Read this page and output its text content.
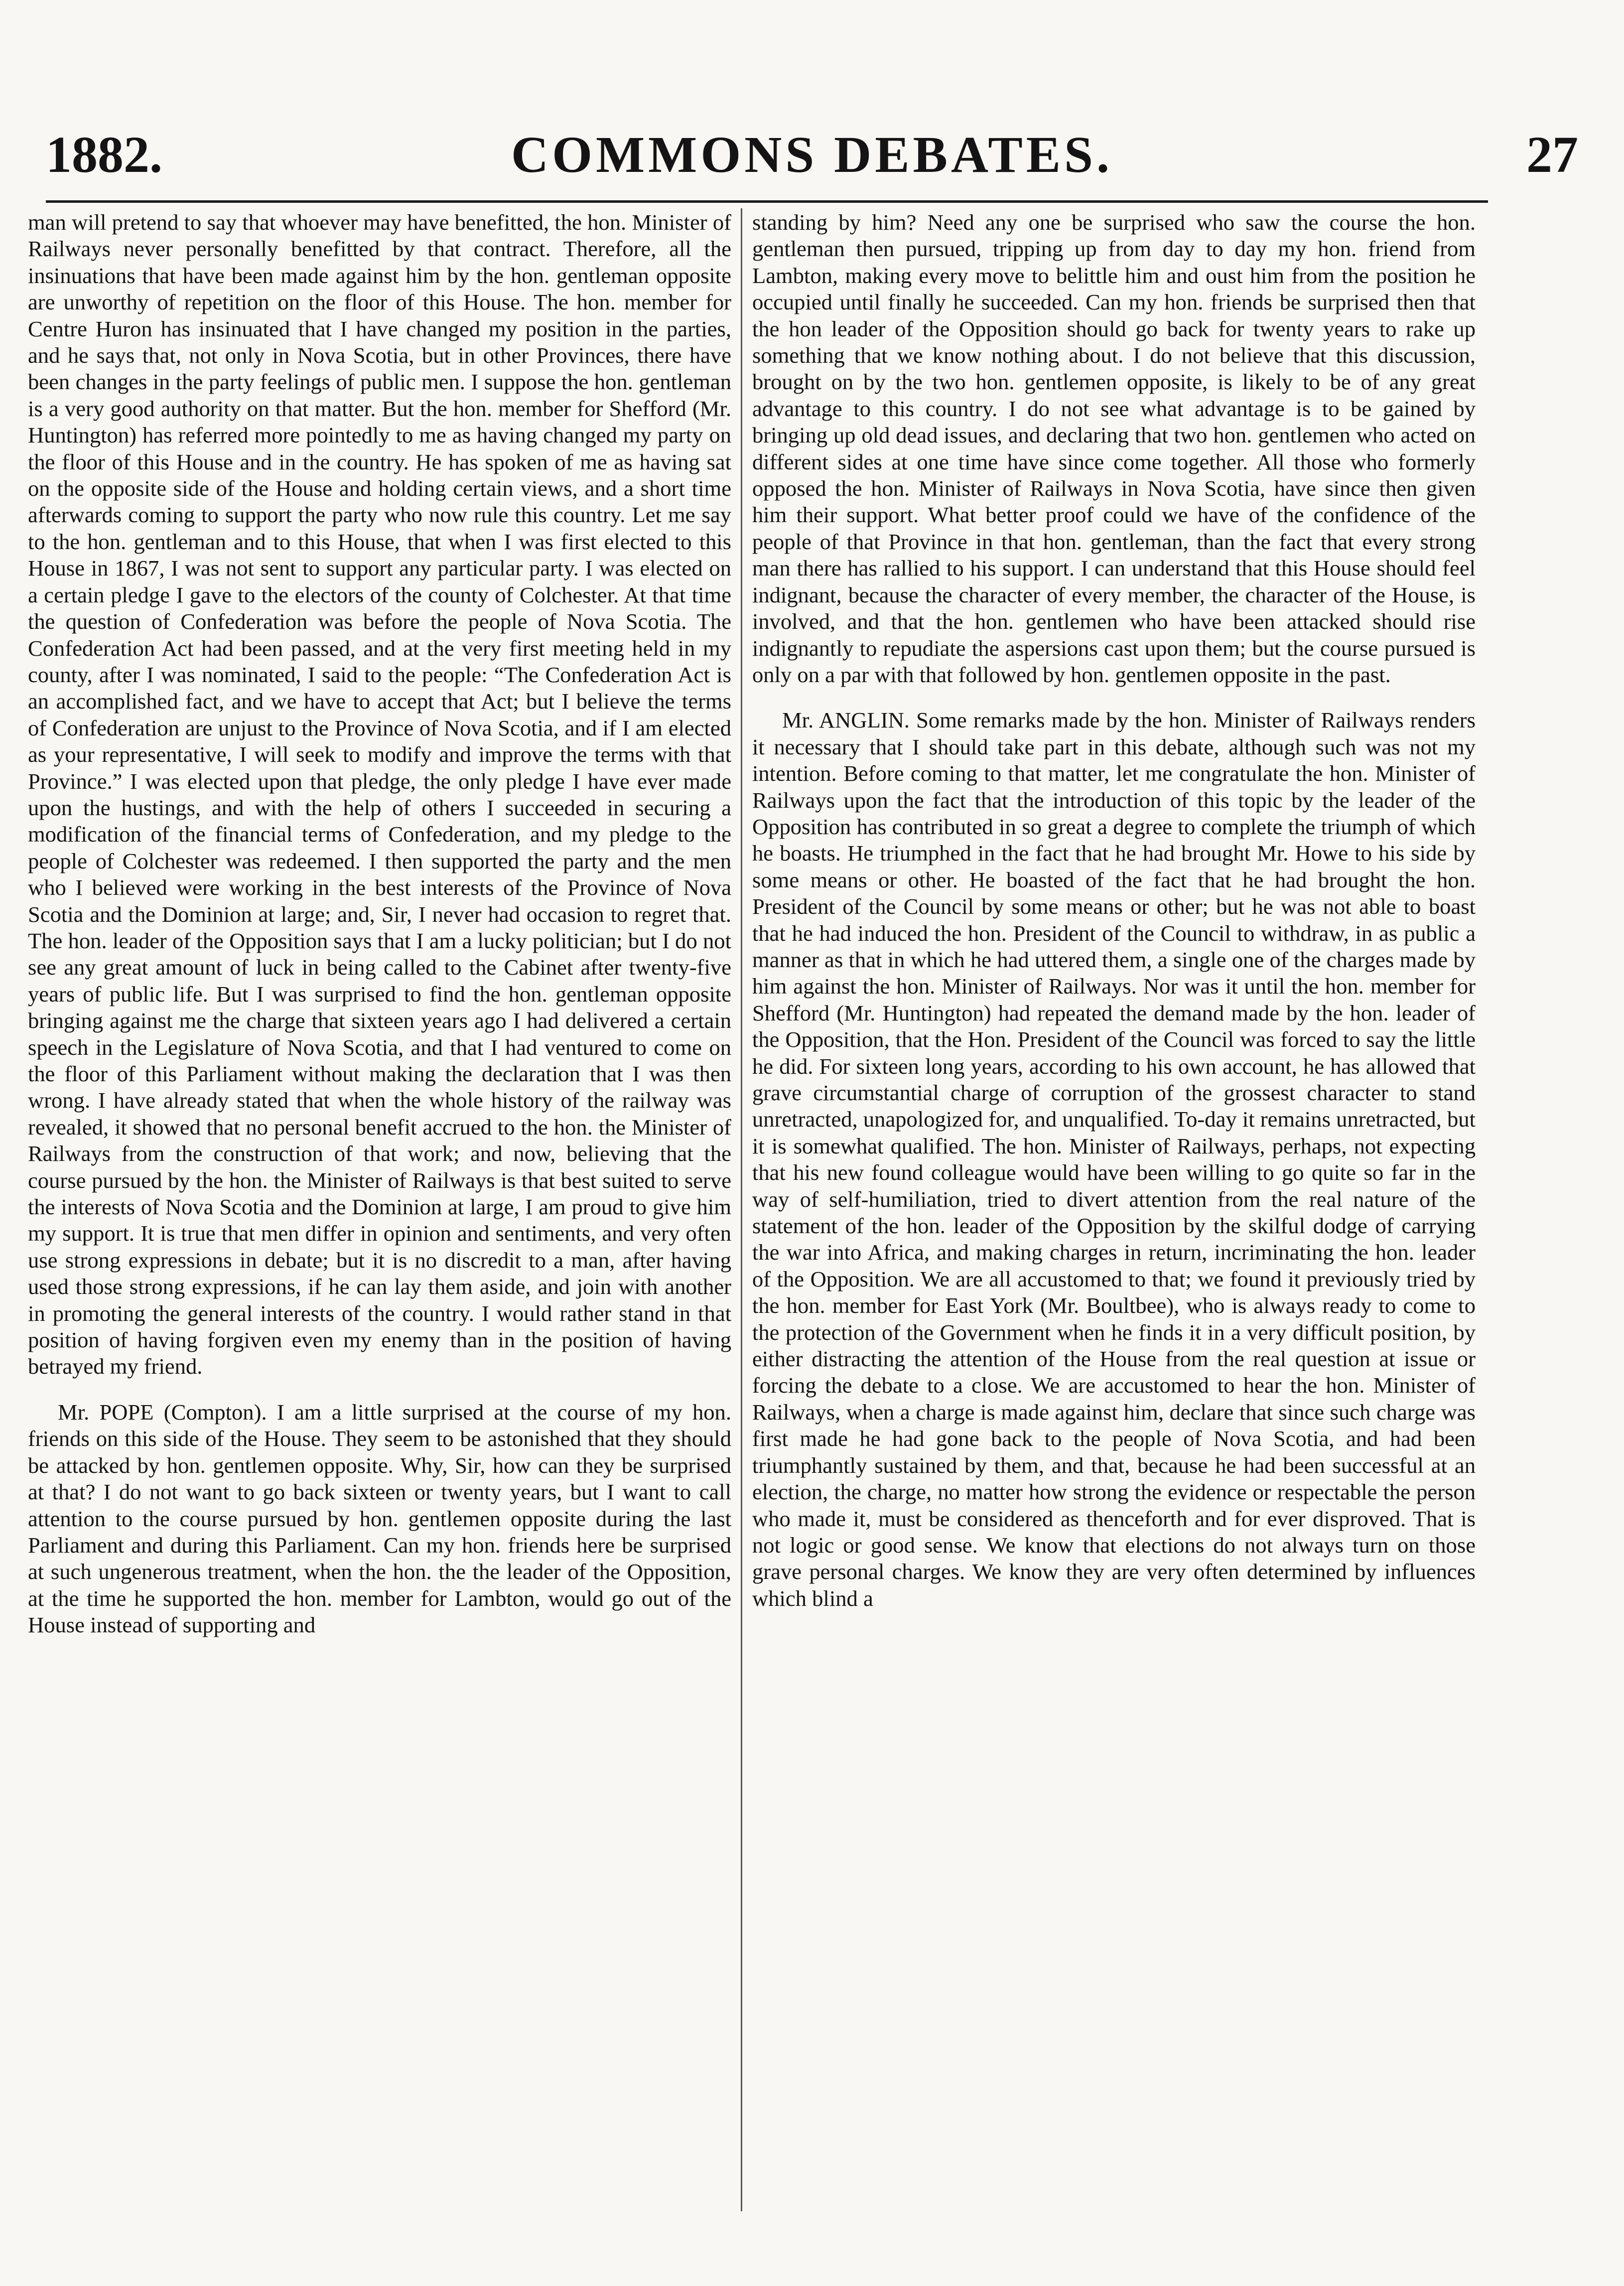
COMMONS DEBATES.
1882.	27

man will pretend to say that whoever may have benefitted, the hon. Minister of Railways never personally benefitted by that contract. Therefore, all the insinuations that have been made against him by the hon. gentleman opposite are unworthy of repetition on the floor of this House. The hon. member for Centre Huron has insinuated that I have changed my position in the parties, and he says that, not only in Nova Scotia, but in other Provinces, there have been changes in the party feelings of public men. I suppose the hon. gentleman is a very good authority on that matter. But the hon. member for Shefford (Mr. Huntington) has referred more pointedly to me as having changed my party on the floor of this House and in the country. He has spoken of me as having sat on the opposite side of the House and holding certain views, and a short time afterwards coming to support the party who now rule this country. Let me say to the hon. gentleman and to this House, that when I was first elected to this House in 1867, I was not sent to support any particular party. I was elected on a certain pledge I gave to the electors of the county of Colchester. At that time the question of Confederation was before the people of Nova Scotia. The Confederation Act had been passed, and at the very first meeting held in my county, after I was nominated, I said to the people: “The Confederation Act is an accomplished fact, and we have to accept that Act; but I believe the terms of Confederation are unjust to the Province of Nova Scotia, and if I am elected as your representative, I will seek to modify and improve the terms with that Province.” I was elected upon that pledge, the only pledge I have ever made upon the hustings, and with the help of others I succeeded in securing a modification of the financial terms of Confederation, and my pledge to the people of Colchester was redeemed. I then supported the party and the men who I believed were working in the best interests of the Province of Nova Scotia and the Dominion at large; and, Sir, I never had occasion to regret that. The hon. leader of the Opposition says that I am a lucky politician; but I do not see any great amount of luck in being called to the Cabinet after twenty-five years of public life. But I was surprised to find the hon. gentleman opposite bringing against me the charge that sixteen years ago I had delivered a certain speech in the Legislature of Nova Scotia, and that I had ventured to come on the floor of this Parliament without making the declaration that I was then wrong. I have already stated that when the whole history of the railway was revealed, it showed that no personal benefit accrued to the hon. the Minister of Railways from the construction of that work; and now, believing that the course pursued by the hon. the Minister of Railways is that best suited to serve the interests of Nova Scotia and the Dominion at large, I am proud to give him my support. It is true that men differ in opinion and sentiments, and very often use strong expressions in debate; but it is no discredit to a man, after having used those strong expressions, if he can lay them aside, and join with another in promoting the general interests of the country. I would rather stand in that position of having forgiven even my enemy than in the position of having betrayed my friend.

Mr. POPE (Compton). I am a little surprised at the course of my hon. friends on this side of the House. They seem to be astonished that they should be attacked by hon. gentlemen opposite. Why, Sir, how can they be surprised at that? I do not want to go back sixteen or twenty years, but I want to call attention to the course pursued by hon. gentlemen opposite during the last Parliament and during this Parliament. Can my hon. friends here be surprised at such ungenerous treatment, when the hon. the the leader of the Opposition, at the time he supported the hon. member for Lambton, would go out of the House instead of supporting and

standing by him? Need any one be surprised who saw the course the hon. gentleman then pursued, tripping up from day to day my hon. friend from Lambton, making every move to belittle him and oust him from the position he occupied until finally he succeeded. Can my hon. friends be surprised then that the hon leader of the Opposition should go back for twenty years to rake up something that we know nothing about. I do not believe that this discussion, brought on by the two hon. gentlemen opposite, is likely to be of any great advantage to this country. I do not see what advantage is to be gained by bringing up old dead issues, and declaring that two hon. gentlemen who acted on different sides at one time have since come together. All those who formerly opposed the hon. Minister of Railways in Nova Scotia, have since then given him their support. What better proof could we have of the confidence of the people of that Province in that hon. gentleman, than the fact that every strong man there has rallied to his support. I can understand that this House should feel indignant, because the character of every member, the character of the House, is involved, and that the hon. gentlemen who have been attacked should rise indignantly to repudiate the aspersions cast upon them; but the course pursued is only on a par with that followed by hon. gentlemen opposite in the past.

Mr. ANGLIN. Some remarks made by the hon. Minister of Railways renders it necessary that I should take part in this debate, although such was not my intention. Before coming to that matter, let me congratulate the hon. Minister of Railways upon the fact that the introduction of this topic by the leader of the Opposition has contributed in so great a degree to complete the triumph of which he boasts. He triumphed in the fact that he had brought Mr. Howe to his side by some means or other. He boasted of the fact that he had brought the hon. President of the Council by some means or other; but he was not able to boast that he had induced the hon. President of the Council to withdraw, in as public a manner as that in which he had uttered them, a single one of the charges made by him against the hon. Minister of Railways. Nor was it until the hon. member for Shefford (Mr. Huntington) had repeated the demand made by the hon. leader of the Opposition, that the Hon. President of the Council was forced to say the little he did. For sixteen long years, according to his own account, he has allowed that grave circumstantial charge of corruption of the grossest character to stand unretracted, unapologized for, and unqualified. To-day it remains unretracted, but it is somewhat qualified. The hon. Minister of Railways, perhaps, not expecting that his new found colleague would have been willing to go quite so far in the way of self-humiliation, tried to divert attention from the real nature of the statement of the hon. leader of the Opposition by the skilful dodge of carrying the war into Africa, and making charges in return, incriminating the hon. leader of the Opposition. We are all accustomed to that; we found it previously tried by the hon. member for East York (Mr. Boultbee), who is always ready to come to the protection of the Government when he finds it in a very difficult position, by either distracting the attention of the House from the real question at issue or forcing the debate to a close. We are accustomed to hear the hon. Minister of Railways, when a charge is made against him, declare that since such charge was first made he had gone back to the people of Nova Scotia, and had been triumphantly sustained by them, and that, because he had been successful at an election, the charge, no matter how strong the evidence or respectable the person who made it, must be considered as thenceforth and for ever disproved. That is not logic or good sense. We know that elections do not always turn on those grave personal charges. We know they are very often determined by influences which blind a
